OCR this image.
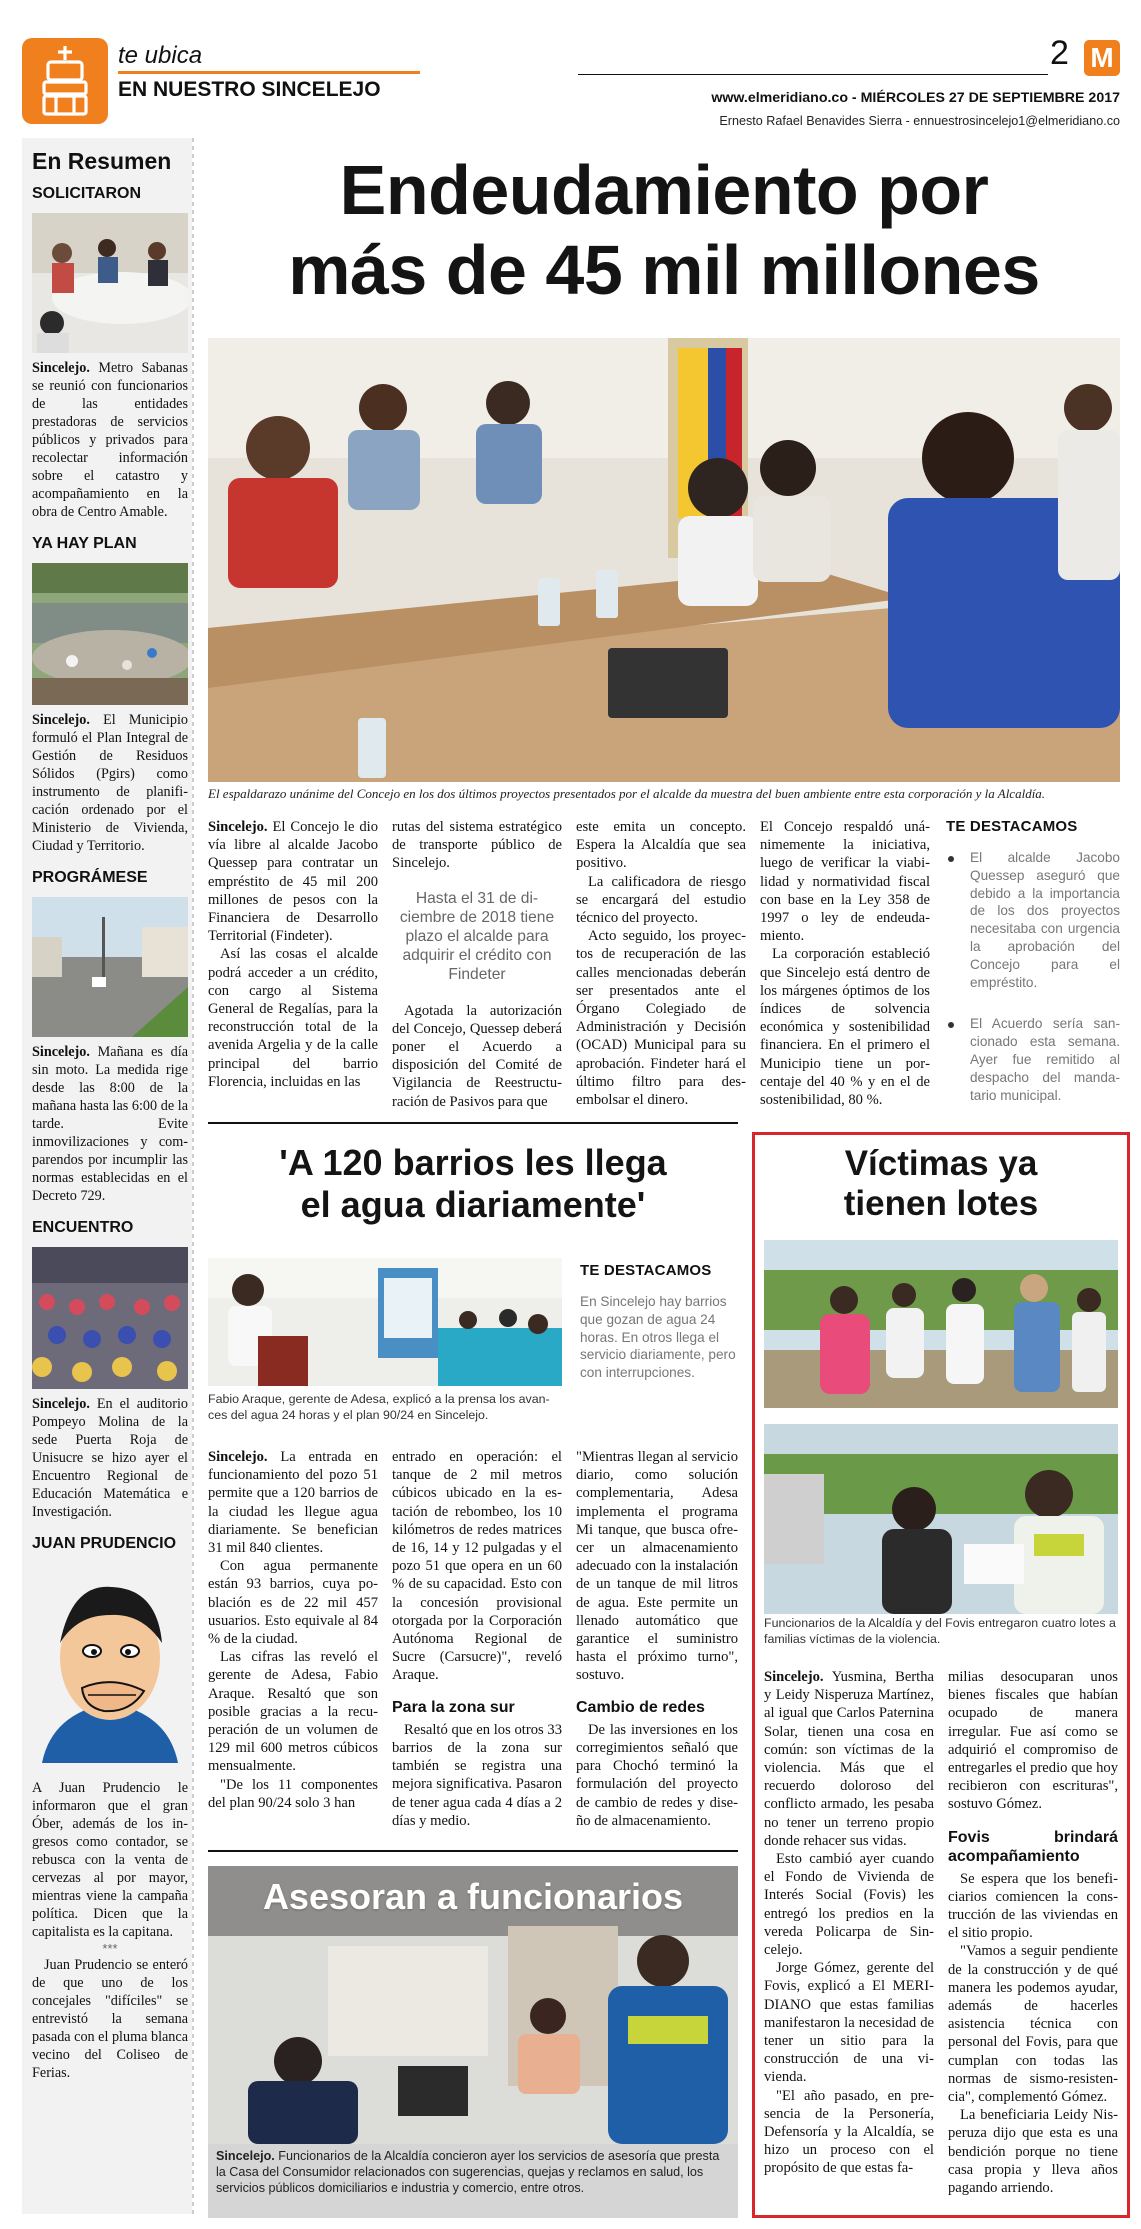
te ubica
EN NUESTRO SINCELEJO
2 M
www.elmeridiano.co - MIÉRCOLES 27 DE SEPTIEMBRE 2017
Ernesto Rafael Benavides Sierra - ennuestrosincelejo1@elmeridiano.co
En Resumen
SOLICITARON
Sincelejo. Metro Sabanas se reunió con funcionarios de las entidades prestadoras de servicios públicos y privados para recolectar información sobre el catastro y acompañamiento en la obra de Centro Amable.
YA HAY PLAN
Sincelejo. El Municipio formuló el Plan Integral de Gestión de Residuos Sólidos (Pgirs) como instrumento de planificación ordenado por el Ministerio de Vivienda, Ciudad y Territorio.
PROGRÁMESE
Sincelejo. Mañana es día sin moto. La medida rige desde las 8:00 de la mañana hasta las 6:00 de la tarde. Evite inmovilizaciones y comparendos por incumplir las normas establecidas en el Decreto 729.
ENCUENTRO
Sincelejo. En el auditorio Pompeyo Molina de la sede Puerta Roja de Unisucre se hizo ayer el Encuentro Regional de Educación Matemática e Investigación.
JUAN PRUDENCIO
A Juan Prudencio le informaron que el gran Óber, además de los ingresos como contador, se rebusca con la venta de cervezas al por mayor, mientras viene la campaña política. Dicen que la capitalista es la capitana.
***
Juan Prudencio se enteró de que uno de los concejales "difíciles" se entrevistó la semana pasada con el pluma blanca vecino del Coliseo de Ferias.
Endeudamiento por
más de 45 mil millones
El espaldarazo unánime del Concejo en los dos últimos proyectos presentados por el alcalde da muestra del buen ambiente entre esta corporación y la Alcaldía.

Sincelejo. El Concejo le dio vía libre al alcalde Jacobo Quessep para contratar un empréstito de 45 mil 200 millones de pesos con la Financiera de Desarrollo Territorial (Findeter).

Así las cosas el alcalde podrá acceder a un crédito, con cargo al Sistema General de Regalías, para la reconstrucción total de la avenida Argelia y de la calle principal del barrio Florencia, incluidas en las

rutas del sistema estratégico de transporte público de Sincelejo.

Hasta el 31 de diciembre de 2018 tiene plazo el alcalde para adquirir el crédito con Findeter

Agotada la autorización del Concejo, Quessep deberá poner el Acuerdo a disposición del Comité de Vigilancia de Reestructuración de Pasivos para que

este emita un concepto. Espera la Alcaldía que sea positivo.

La calificadora de riesgo se encargará del estudio técnico del proyecto.

Acto seguido, los proyectos de recuperación de las calles mencionadas deberán ser presentados ante el Órgano Colegiado de Administración y Decisión (OCAD) Municipal para su aprobación. Findeter hará el último filtro para desembolsar el dinero.

El Concejo respaldó unánimemente la iniciativa, luego de verificar la viabilidad y normatividad fiscal con base en la Ley 358 de 1997 o ley de endeudamiento.

La corporación estableció que Sincelejo está dentro de los márgenes óptimos de los índices de solvencia económica y sostenibilidad financiera. En el primero el Municipio tiene un porcentaje del 40 % y en el de sostenibilidad, 80 %.

TE DESTACAMOS
El alcalde Jacobo Quessep aseguró que debido a la importancia de los dos proyectos necesitaba con urgencia la aprobación del Concejo para el empréstito.
El Acuerdo sería sancionado esta semana. Ayer fue remitido al despacho del mandatario municipal.
'A 120 barrios les llega
el agua diariamente'
Fabio Araque, gerente de Adesa, explicó a la prensa los avances del agua 24 horas y el plan 90/24 en Sincelejo.
TE DESTACAMOS
En Sincelejo hay barrios que gozan de agua 24 horas. En otros llega el servicio diariamente, pero con interrupciones.

Sincelejo. La entrada en funcionamiento del pozo 51 permite que a 120 barrios de la ciudad les llegue agua diariamente. Se benefician 31 mil 840 clientes.

Con agua permanente están 93 barrios, cuya población es de 22 mil 457 usuarios. Esto equivale al 84 % de la ciudad.

Las cifras las reveló el gerente de Adesa, Fabio Araque. Resaltó que son posible gracias a la recuperación de un volumen de 129 mil 600 metros cúbicos mensualmente.

"De los 11 componentes del plan 90/24 solo 3 han

entrado en operación: el tanque de 2 mil metros cúbicos ubicado en la estación de rebombeo, los 10 kilómetros de redes matrices de 16, 14 y 12 pulgadas y el pozo 51 que opera en un 60 % de su capacidad. Esto con la concesión provisional otorgada por la Corporación Autónoma Regional de Sucre (Carsucre)", reveló Araque.

Para la zona sur

Resaltó que en los otros 33 barrios de la zona sur también se registra una mejora significativa. Pasaron de tener agua cada 4 días a 2 días y medio.

"Mientras llegan al servicio diario, como solución complementaria, Adesa implementa el programa Mi tanque, que busca ofrecer un almacenamiento adecuado con la instalación de un tanque de mil litros de agua. Este permite un llenado automático que garantice el suministro hasta el próximo turno", sostuvo.

Cambio de redes

De las inversiones en los corregimientos señaló que para Chochó terminó la formulación del proyecto de cambio de redes y diseño de almacenamiento.

Asesoran a funcionarios
Sincelejo. Funcionarios de la Alcaldía concieron ayer los servicios de asesoría que presta la Casa del Consumidor relacionados con sugerencias, quejas y reclamos en salud, los servicios públicos domiciliarios e industria y comercio, entre otros.
Víctimas ya
tienen lotes
Funcionarios de la Alcaldía y del Fovis entregaron cuatro lotes a familias víctimas de la violencia.

Sincelejo. Yusmina, Bertha y Leidy Nisperuza Martínez, al igual que Carlos Paternina Solar, tienen una cosa en común: son víctimas de la violencia. Más que el recuerdo doloroso del conflicto armado, les pesaba no tener un terreno propio donde rehacer sus vidas.

Esto cambió ayer cuando el Fondo de Vivienda de Interés Social (Fovis) les entregó los predios en la vereda Policarpa de Sincelejo.

Jorge Gómez, gerente del Fovis, explicó a El MERIDIANO que estas familias manifestaron la necesidad de tener un sitio para la construcción de una vivienda.

"El año pasado, en presencia de la Personería, Defensoría y la Alcaldía, se hizo un proceso con el propósito de que estas fa-

milias desocuparan unos bienes fiscales que habían ocupado de manera irregular. Fue así como se adquirió el compromiso de entregarles el predio que hoy recibieron con escrituras", sostuvo Gómez.

Fovis brindará acompañamiento

Se espera que los beneficiarios comiencen la construcción de las viviendas en el sitio propio.

"Vamos a seguir pendiente de la construcción y de qué manera les podemos ayudar, además de hacerles asistencia técnica con personal del Fovis, para que cumplan con todas las normas de sismo-resistencia", complementó Gómez.

La beneficiaria Leidy Nisperuza dijo que esta es una bendición porque no tiene casa propia y lleva años pagando arriendo.
